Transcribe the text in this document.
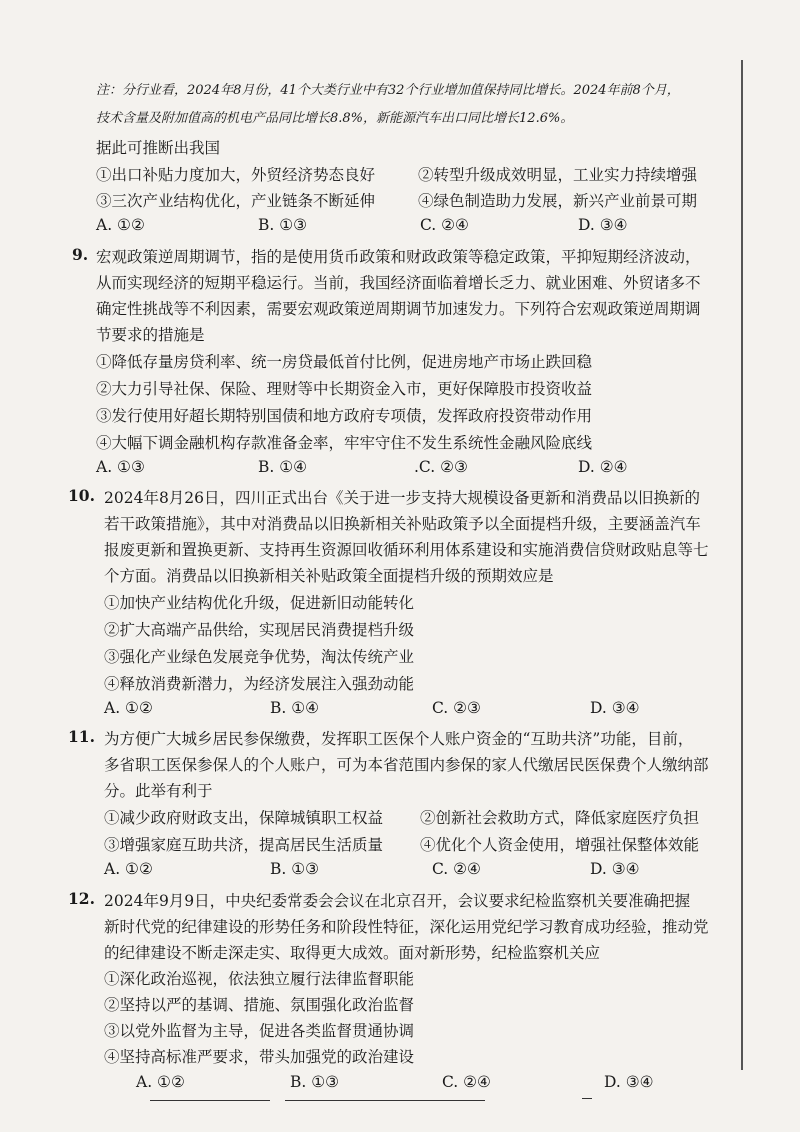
注：分行业看，2024年8月份，41个大类行业中有32个行业增加值保持同比增长。2024年前8个月，
技术含量及附加值高的机电产品同比增长8.8%，新能源汽车出口同比增长12.6%。
据此可推断出我国
①出口补贴力度加大，外贸经济势态良好	②转型升级成效明显，工业实力持续增强
③三次产业结构优化，产业链条不断延伸	④绿色制造助力发展，新兴产业前景可期
A. ①②	B. ①③	C. ②④	D. ③④
9. 宏观政策逆周期调节，指的是使用货币政策和财政政策等稳定政策，平抑短期经济波动，
从而实现经济的短期平稳运行。当前，我国经济面临着增长乏力、就业困难、外贸诸多不
确定性挑战等不利因素，需要宏观政策逆周期调节加速发力。下列符合宏观政策逆周期调
节要求的措施是
①降低存量房贷利率、统一房贷最低首付比例，促进房地产市场止跌回稳
②大力引导社保、保险、理财等中长期资金入市，更好保障股市投资收益
③发行使用好超长期特别国债和地方政府专项债，发挥政府投资带动作用
④大幅下调金融机构存款准备金率，牢牢守住不发生系统性金融风险底线
A. ①③	B. ①④	.C. ②③	D. ②④
10. 2024年8月26日，四川正式出台《关于进一步支持大规模设备更新和消费品以旧换新的
若干政策措施》，其中对消费品以旧换新相关补贴政策予以全面提档升级，主要涵盖汽车
报废更新和置换更新、支持再生资源回收循环利用体系建设和实施消费信贷财政贴息等七
个方面。消费品以旧换新相关补贴政策全面提档升级的预期效应是
①加快产业结构优化升级，促进新旧动能转化
②扩大高端产品供给，实现居民消费提档升级
③强化产业绿色发展竞争优势，淘汰传统产业
④释放消费新潜力，为经济发展注入强劲动能
A. ①②	B. ①④	C. ②③	D. ③④
11. 为方便广大城乡居民参保缴费，发挥职工医保个人账户资金的“互助共济”功能，目前，
多省职工医保参保人的个人账户，可为本省范围内参保的家人代缴居民医保费个人缴纳部
分。此举有利于
①减少政府财政支出，保障城镇职工权益 ②创新社会救助方式，降低家庭医疗负担
③增强家庭互助共济，提高居民生活质量 ④优化个人资金使用，增强社保整体效能
A. ①②	B. ①③	C. ②④	D. ③④
12. 2024年9月9日，中央纪委常委会会议在北京召开，会议要求纪检监察机关要准确把握
新时代党的纪律建设的形势任务和阶段性特征，深化运用党纪学习教育成功经验，推动党
的纪律建设不断走深走实、取得更大成效。面对新形势，纪检监察机关应
①深化政治巡视，依法独立履行法律监督职能
②坚持以严的基调、措施、氛围强化政治监督
③以党外监督为主导，促进各类监督贯通协调
④坚持高标准严要求，带头加强党的政治建设
A. ①②	B. ①③	C. ②④	D. ③④
